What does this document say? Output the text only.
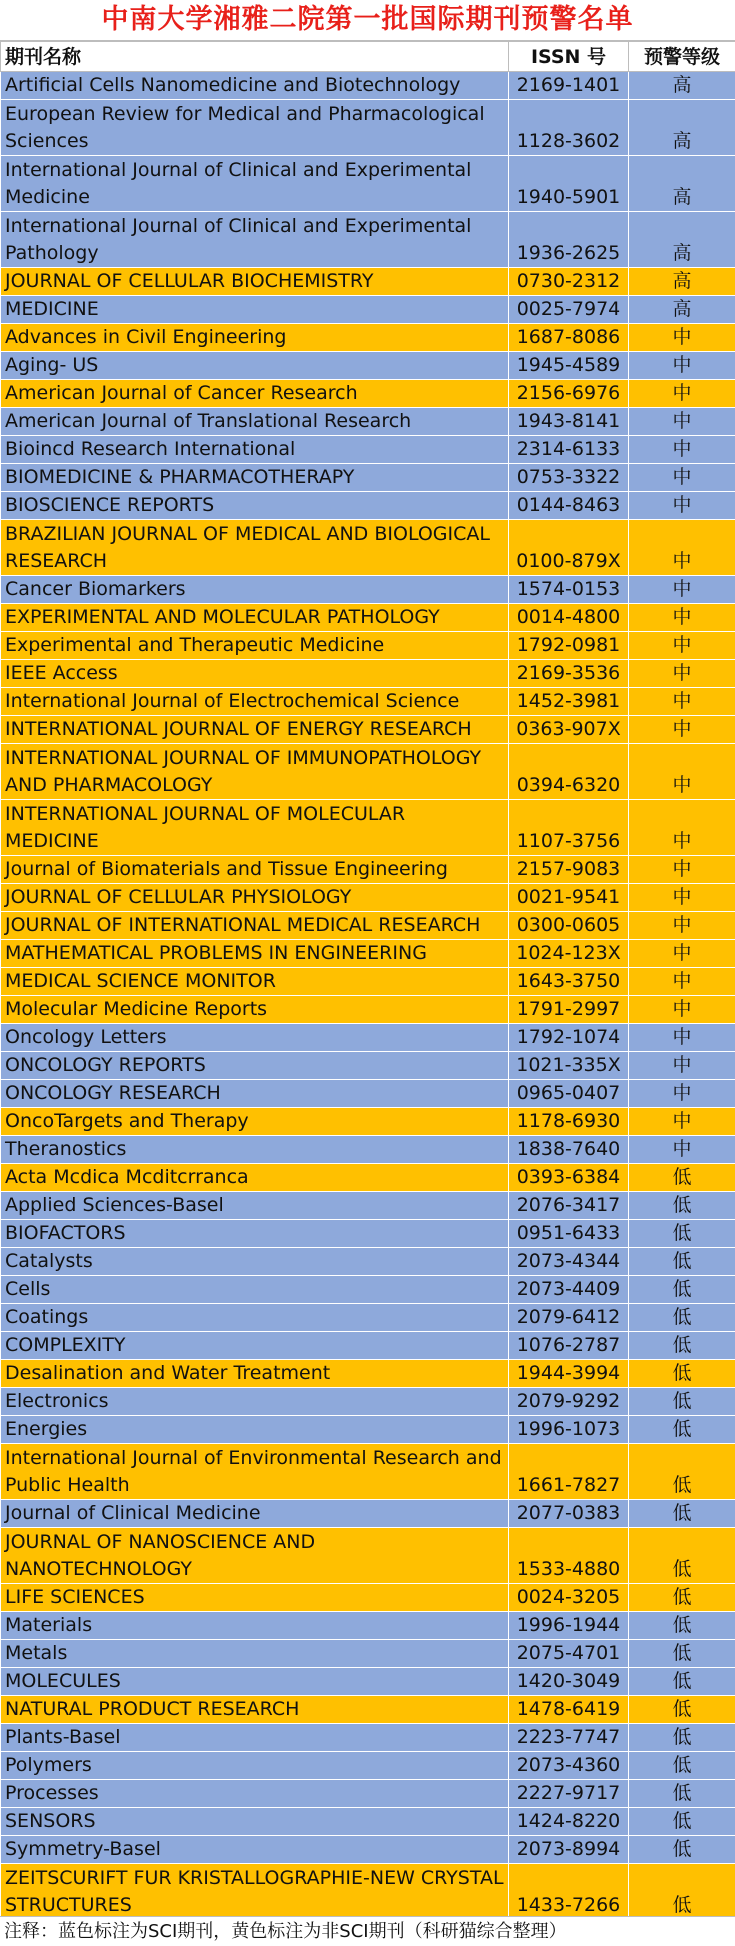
中南大学湘雅二院第一批国际期刊预警名单
期刊名称	ISSN 号	预警等级
Artificial Cells Nanomedicine and Biotechnology	2169-1401	高
European Review for Medical and Pharmacological Sciences	1128-3602	高
International Journal of Clinical and Experimental Medicine	1940-5901	高
International Journal of Clinical and Experimental Pathology	1936-2625	高
JOURNAL OF CELLULAR BIOCHEMISTRY	0730-2312	高
MEDICINE	0025-7974	高
Advances in Civil Engineering	1687-8086	中
Aging- US	1945-4589	中
American Journal of Cancer Research	2156-6976	中
American Journal of Translational Research	1943-8141	中
Bioincd Research International	2314-6133	中
BIOMEDICINE & PHARMACOTHERAPY	0753-3322	中
BIOSCIENCE REPORTS	0144-8463	中
BRAZILIAN JOURNAL OF MEDICAL AND BIOLOGICAL RESEARCH	0100-879X	中
Cancer Biomarkers	1574-0153	中
EXPERIMENTAL AND MOLECULAR PATHOLOGY	0014-4800	中
Experimental and Therapeutic Medicine	1792-0981	中
IEEE Access	2169-3536	中
International Journal of Electrochemical Science	1452-3981	中
INTERNATIONAL JOURNAL OF ENERGY RESEARCH	0363-907X	中
INTERNATIONAL JOURNAL OF IMMUNOPATHOLOGY AND PHARMACOLOGY	0394-6320	中
INTERNATIONAL JOURNAL OF MOLECULAR MEDICINE	1107-3756	中
Journal of Biomaterials and Tissue Engineering	2157-9083	中
JOURNAL OF CELLULAR PHYSIOLOGY	0021-9541	中
JOURNAL OF INTERNATIONAL MEDICAL RESEARCH	0300-0605	中
MATHEMATICAL PROBLEMS IN ENGINEERING	1024-123X	中
MEDICAL SCIENCE MONITOR	1643-3750	中
Molecular Medicine Reports	1791-2997	中
Oncology Letters	1792-1074	中
ONCOLOGY REPORTS	1021-335X	中
ONCOLOGY RESEARCH	0965-0407	中
OncoTargets and Therapy	1178-6930	中
Theranostics	1838-7640	中
Acta Mcdica Mcditcrranca	0393-6384	低
Applied Sciences-Basel	2076-3417	低
BIOFACTORS	0951-6433	低
Catalysts	2073-4344	低
Cells	2073-4409	低
Coatings	2079-6412	低
COMPLEXITY	1076-2787	低
Desalination and Water Treatment	1944-3994	低
Electronics	2079-9292	低
Energies	1996-1073	低
International Journal of Environmental Research and Public Health	1661-7827	低
Journal of Clinical Medicine	2077-0383	低
JOURNAL OF NANOSCIENCE AND NANOTECHNOLOGY	1533-4880	低
LIFE SCIENCES	0024-3205	低
Materials	1996-1944	低
Metals	2075-4701	低
MOLECULES	1420-3049	低
NATURAL PRODUCT RESEARCH	1478-6419	低
Plants-Basel	2223-7747	低
Polymers	2073-4360	低
Processes	2227-9717	低
SENSORS	1424-8220	低
Symmetry-Basel	2073-8994	低
ZEITSCURIFT FUR KRISTALLOGRAPHIE-NEW CRYSTAL STRUCTURES	1433-7266	低
注释：蓝色标注为SCI期刊，黄色标注为非SCI期刊（科研猫综合整理）
